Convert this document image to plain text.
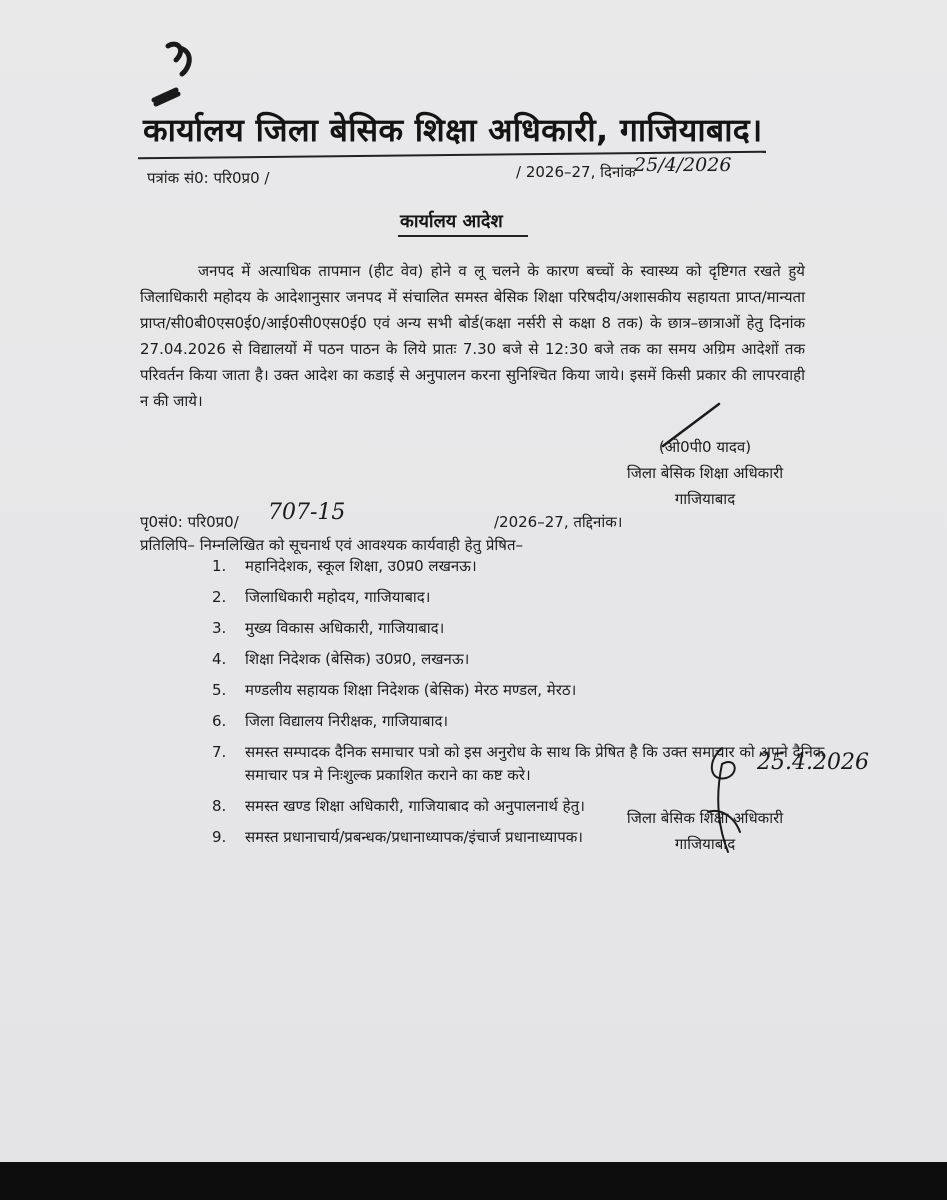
कार्यालय जिला बेसिक शिक्षा अधिकारी, गाजियाबाद।
पत्रांक सं0: परि0प्र0 /	/ 2026–27, दिनांक
25/4/2026
कार्यालय आदेश
जनपद में अत्याधिक तापमान (हीट वेव) होने व लू चलने के कारण बच्चों के स्वास्थ्य को दृष्टिगत रखते हुये जिलाधिकारी महोदय के आदेशानुसार जनपद में संचालित समस्त बेसिक शिक्षा परिषदीय/अशासकीय सहायता प्राप्त/मान्यता प्राप्त/सी0बी0एस0ई0/आई0सी0एस0ई0 एवं अन्य सभी बोर्ड(कक्षा नर्सरी से कक्षा 8 तक) के छात्र–छात्राओं हेतु दिनांक 27.04.2026 से विद्यालयों में पठन पाठन के लिये प्रातः 7.30 बजे से 12:30 बजे तक का समय अग्रिम आदेशों तक परिवर्तन किया जाता है। उक्त आदेश का कडाई से अनुपालन करना सुनिश्चित किया जाये। इसमें किसी प्रकार की लापरवाही न की जाये।
(ओ0पी0 यादव)
जिला बेसिक शिक्षा अधिकारी
गाजियाबाद
पृ0सं0: परि0प्र0/ 707-15	/2026–27, तद्दिनांक।
प्रतिलिपि– निम्नलिखित को सूचनार्थ एवं आवश्यक कार्यवाही हेतु प्रेषित–
1. महानिदेशक, स्कूल शिक्षा, उ0प्र0 लखनऊ।
2. जिलाधिकारी महोदय, गाजियाबाद।
3. मुख्य विकास अधिकारी, गाजियाबाद।
4. शिक्षा निदेशक (बेसिक) उ0प्र0, लखनऊ।
5. मण्डलीय सहायक शिक्षा निदेशक (बेसिक) मेरठ मण्डल, मेरठ।
6. जिला विद्यालय निरीक्षक, गाजियाबाद।
7. समस्त सम्पादक दैनिक समाचार पत्रो को इस अनुरोध के साथ कि प्रेषित है कि उक्त समाचार को अपने दैनिक समाचार पत्र मे निःशुल्क प्रकाशित कराने का कष्ट करे।
8. समस्त खण्ड शिक्षा अधिकारी, गाजियाबाद को अनुपालनार्थ हेतु।
9. समस्त प्रधानाचार्य/प्रबन्धक/प्रधानाध्यापक/इंचार्ज प्रधानाध्यापक।
25.4.2026
जिला बेसिक शिक्षा अधिकारी
गाजियाबाद
